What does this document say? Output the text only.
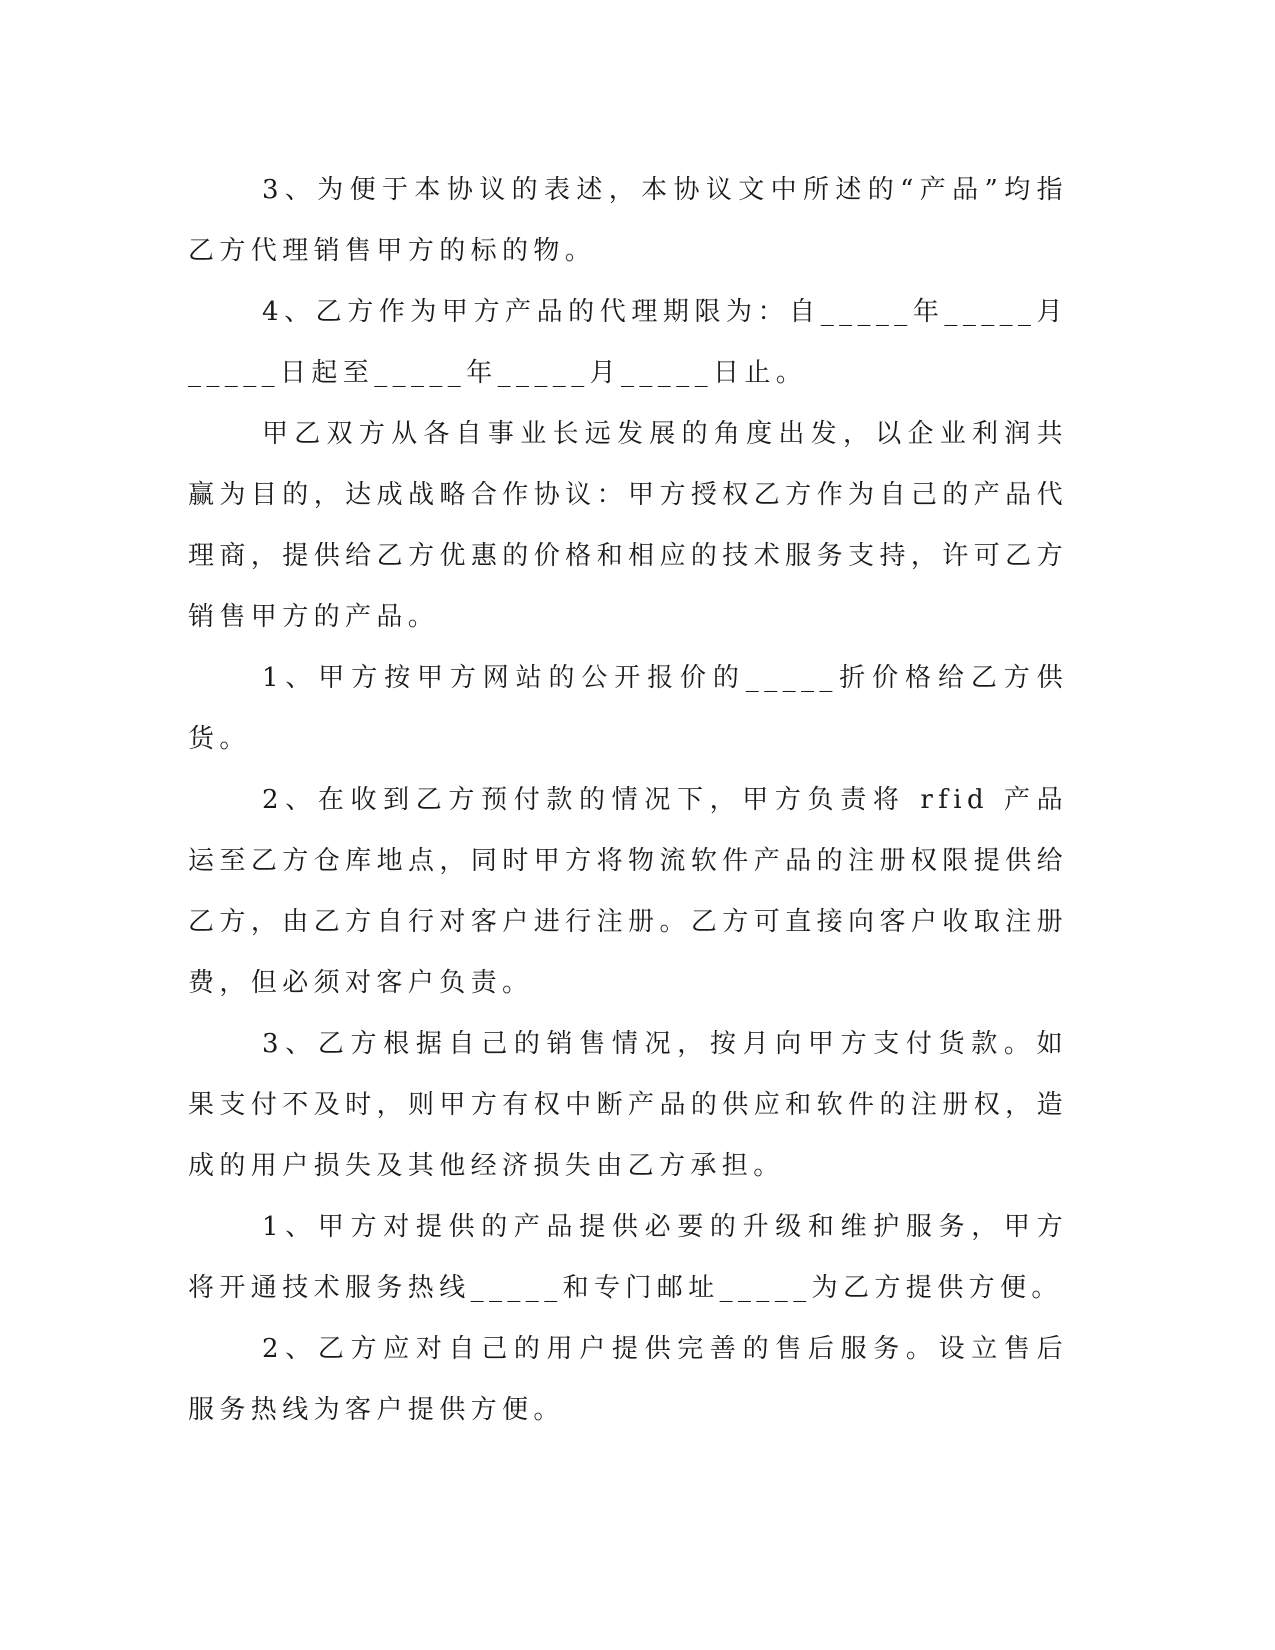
3、为便于本协议的表述，本协议文中所述的“产品”均指乙方代理销售甲方的标的物。

4、乙方作为甲方产品的代理期限为：自_____年_____月_____日起至_____年_____月_____日止。

甲乙双方从各自事业长远发展的角度出发，以企业利润共赢为目的，达成战略合作协议：甲方授权乙方作为自己的产品代理商，提供给乙方优惠的价格和相应的技术服务支持，许可乙方销售甲方的产品。

1、甲方按甲方网站的公开报价的_____折价格给乙方供货。

2、在收到乙方预付款的情况下，甲方负责将 rfid 产品运至乙方仓库地点，同时甲方将物流软件产品的注册权限提供给乙方，由乙方自行对客户进行注册。乙方可直接向客户收取注册费，但必须对客户负责。

3、乙方根据自己的销售情况，按月向甲方支付货款。如果支付不及时，则甲方有权中断产品的供应和软件的注册权，造成的用户损失及其他经济损失由乙方承担。

1、甲方对提供的产品提供必要的升级和维护服务，甲方将开通技术服务热线_____和专门邮址_____为乙方提供方便。

2、乙方应对自己的用户提供完善的售后服务。设立售后服务热线为客户提供方便。
